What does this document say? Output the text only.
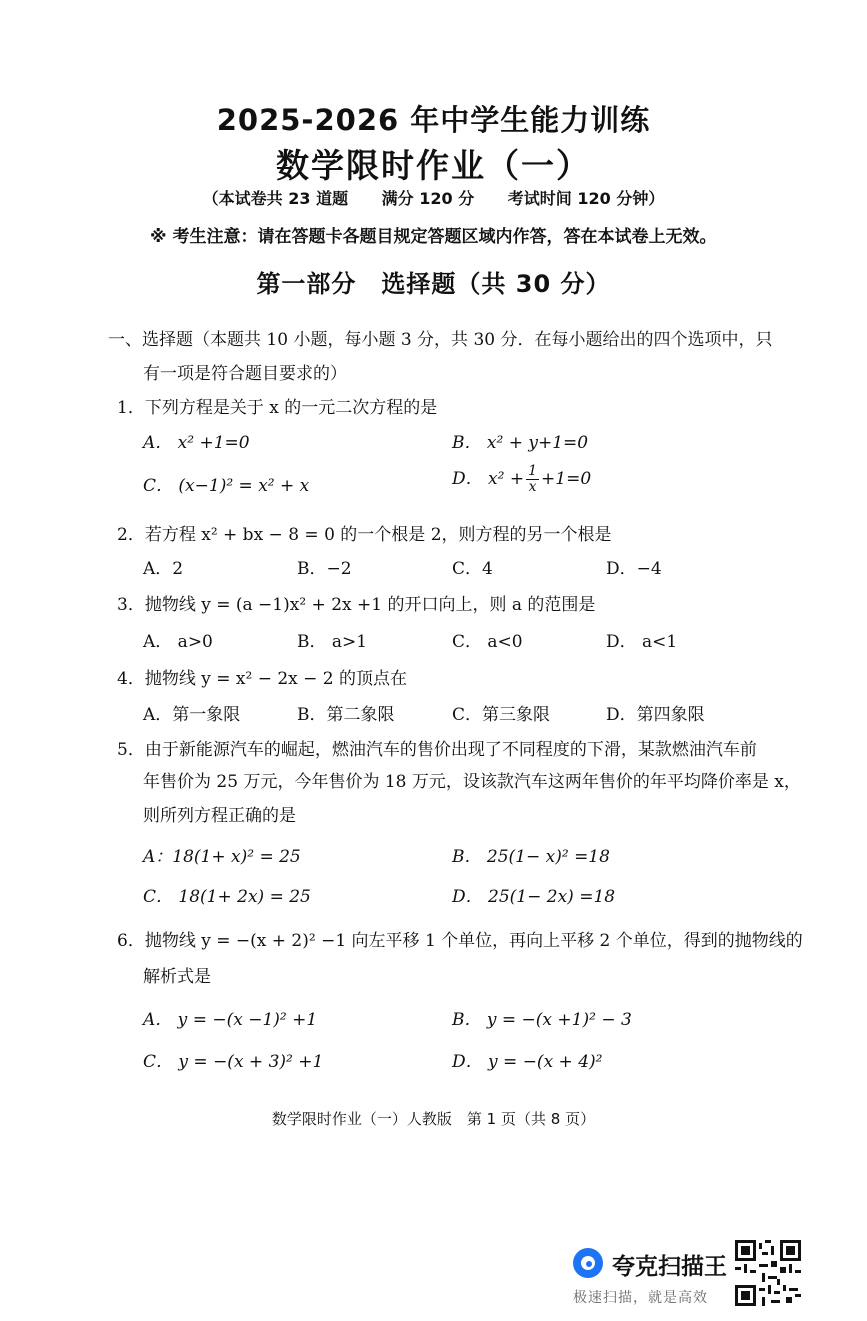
2025-2026 年中学生能力训练
数学限时作业（一）
（本试卷共 23 道题 满分 120 分 考试时间 120 分钟）
※ 考生注意：请在答题卡各题目规定答题区域内作答，答在本试卷上无效。
第一部分　选择题（共 30 分）
一、选择题（本题共 10 小题，每小题 3 分，共 30 分．在每小题给出的四个选项中，只
有一项是符合题目要求的）
1．下列方程是关于 x 的一元二次方程的是
A． x² +1=0	B． x² + y+1=0
C． (x−1)² = x² + x	D． $x^2 + \frac{1}{x} +1=0$
2．若方程 x² + bx − 8 = 0 的一个根是 2，则方程的另一个根是
A．2	B．−2	C．4	D．−4
3．抛物线 y = (a −1)x² + 2x +1 的开口向上，则 a 的范围是
A． a>0	B． a>1	C． a<0	D． a<1
4．抛物线 y = x² − 2x − 2 的顶点在
A．第一象限	B．第二象限	C．第三象限	D．第四象限
5．由于新能源汽车的崛起，燃油汽车的售价出现了不同程度的下滑，某款燃油汽车前
年售价为 25 万元，今年售价为 18 万元，设该款汽车这两年售价的年平均降价率是 x，
则所列方程正确的是
A：18(1+ x)² = 25	B． 25(1− x)² =18
C． 18(1+ 2x) = 25	D． 25(1− 2x) =18
6．抛物线 y = −(x + 2)² −1 向左平移 1 个单位，再向上平移 2 个单位，得到的抛物线的
解析式是
A． y = −(x −1)² +1	B． y = −(x +1)² − 3
C． y = −(x + 3)² +1	D． y = −(x + 4)²
数学限时作业（一）人教版　第 1 页（共 8 页）
夸克扫描王
极速扫描，就是高效
